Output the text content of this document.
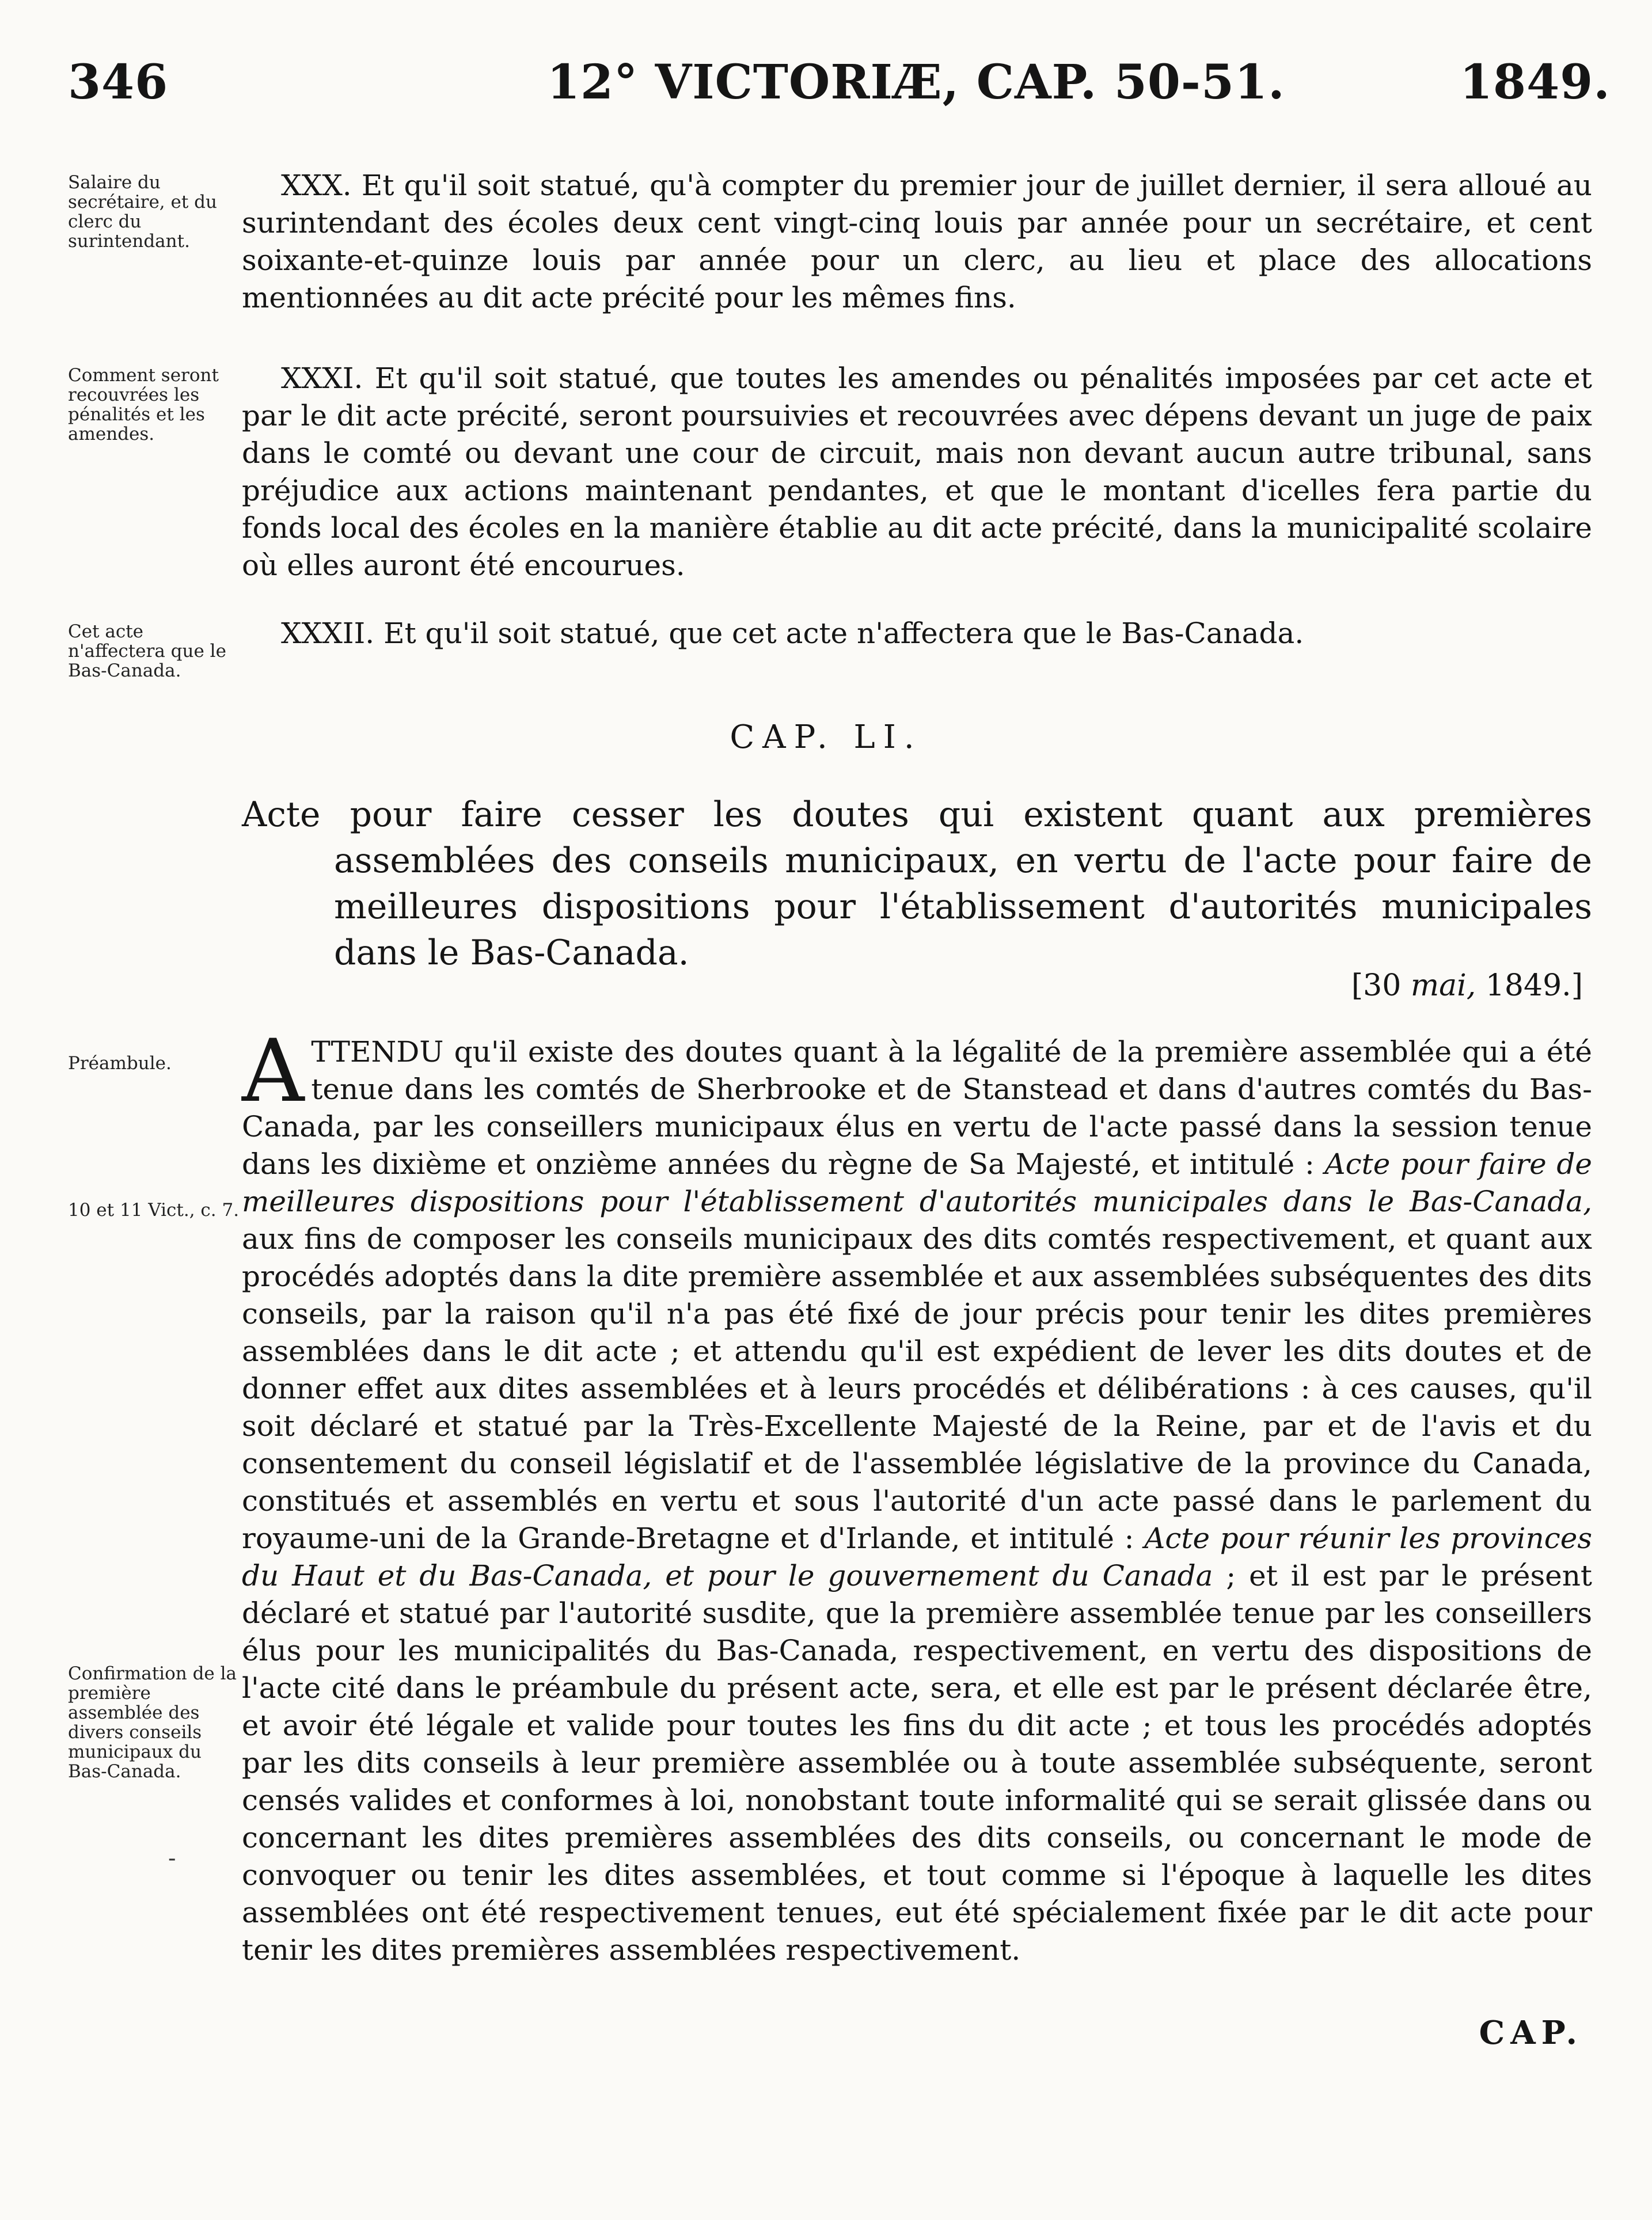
346	12° VICTORIÆ, CAP. 50-51.	1849.
Salaire du secrétaire, et du clerc du surintendant.
XXX. Et qu'il soit statué, qu'à compter du premier jour de juillet dernier, il sera alloué au surintendant des écoles deux cent vingt-cinq louis par année pour un secrétaire, et cent soixante-et-quinze louis par année pour un clerc, au lieu et place des allocations mentionnées au dit acte précité pour les mêmes fins.
Comment seront recouvrées les pénalités et les amendes.
XXXI. Et qu'il soit statué, que toutes les amendes ou pénalités imposées par cet acte et par le dit acte précité, seront poursuivies et recouvrées avec dépens devant un juge de paix dans le comté ou devant une cour de circuit, mais non devant aucun autre tribunal, sans préjudice aux actions maintenant pendantes, et que le montant d'icelles fera partie du fonds local des écoles en la manière établie au dit acte précité, dans la municipalité scolaire où elles auront été encourues.
Cet acte n'affectera que le Bas-Canada.
XXXII. Et qu'il soit statué, que cet acte n'affectera que le Bas-Canada.
CAP. LI.
Acte pour faire cesser les doutes qui existent quant aux premières assemblées des conseils municipaux, en vertu de l'acte pour faire de meilleures dispositions pour l'établissement d'autorités municipales dans le Bas-Canada.
[30 mai, 1849.]
Préambule.
10 et 11 Vict., c. 7.
Confirmation de la première assemblée des divers conseils municipaux du Bas-Canada.
-
ATTENDU qu'il existe des doutes quant à la légalité de la première assemblée qui a été tenue dans les comtés de Sherbrooke et de Stanstead et dans d'autres comtés du Bas-Canada, par les conseillers municipaux élus en vertu de l'acte passé dans la session tenue dans les dixième et onzième années du règne de Sa Majesté, et intitulé : Acte pour faire de meilleures dispositions pour l'établissement d'autorités municipales dans le Bas-Canada, aux fins de composer les conseils municipaux des dits comtés respectivement, et quant aux procédés adoptés dans la dite première assemblée et aux assemblées subséquentes des dits conseils, par la raison qu'il n'a pas été fixé de jour précis pour tenir les dites premières assemblées dans le dit acte ; et attendu qu'il est expédient de lever les dits doutes et de donner effet aux dites assemblées et à leurs procédés et délibérations : à ces causes, qu'il soit déclaré et statué par la Très-Excellente Majesté de la Reine, par et de l'avis et du consentement du conseil législatif et de l'assemblée législative de la province du Canada, constitués et assemblés en vertu et sous l'autorité d'un acte passé dans le parlement du royaume-uni de la Grande-Bretagne et d'Irlande, et intitulé : Acte pour réunir les provinces du Haut et du Bas-Canada, et pour le gouvernement du Canada ; et il est par le présent déclaré et statué par l'autorité susdite, que la première assemblée tenue par les conseillers élus pour les municipalités du Bas-Canada, respectivement, en vertu des dispositions de l'acte cité dans le préambule du présent acte, sera, et elle est par le présent déclarée être, et avoir été légale et valide pour toutes les fins du dit acte ; et tous les procédés adoptés par les dits conseils à leur première assemblée ou à toute assemblée subséquente, seront censés valides et conformes à loi, nonobstant toute informalité qui se serait glissée dans ou concernant les dites premières assemblées des dits conseils, ou concernant le mode de convoquer ou tenir les dites assemblées, et tout comme si l'époque à laquelle les dites assemblées ont été respectivement tenues, eut été spécialement fixée par le dit acte pour tenir les dites premières assemblées respectivement.
CAP.
